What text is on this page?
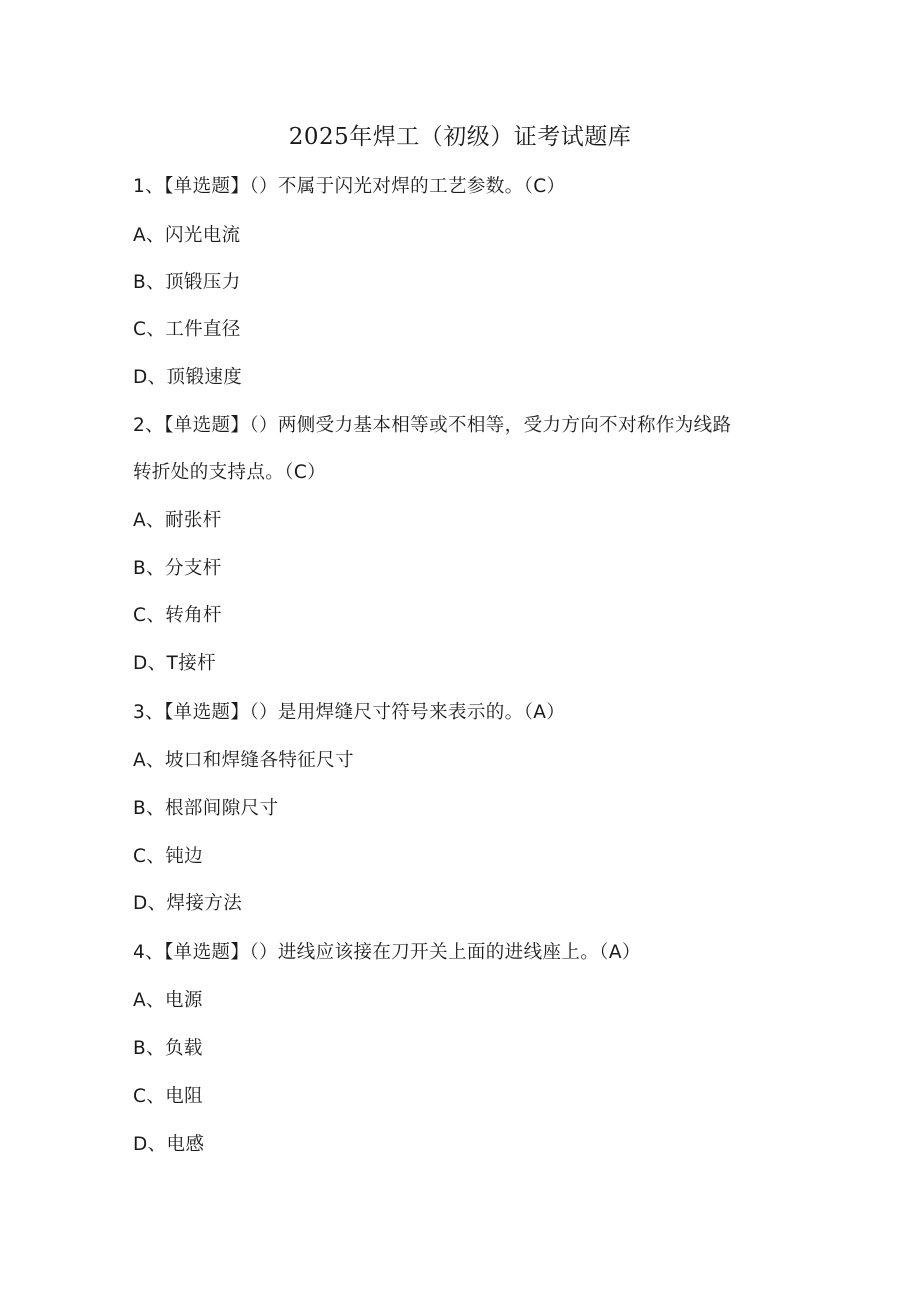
2025年焊工（初级）证考试题库
1、【单选题】（）不属于闪光对焊的工艺参数。（C）
A、闪光电流
B、顶锻压力
C、工件直径
D、顶锻速度
2、【单选题】（）两侧受力基本相等或不相等，受力方向不对称作为线路
转折处的支持点。（C）
A、耐张杆
B、分支杆
C、转角杆
D、T接杆
3、【单选题】（）是用焊缝尺寸符号来表示的。（A）
A、坡口和焊缝各特征尺寸
B、根部间隙尺寸
C、钝边
D、焊接方法
4、【单选题】（）进线应该接在刀开关上面的进线座上。（A）
A、电源
B、负载
C、电阻
D、电感
